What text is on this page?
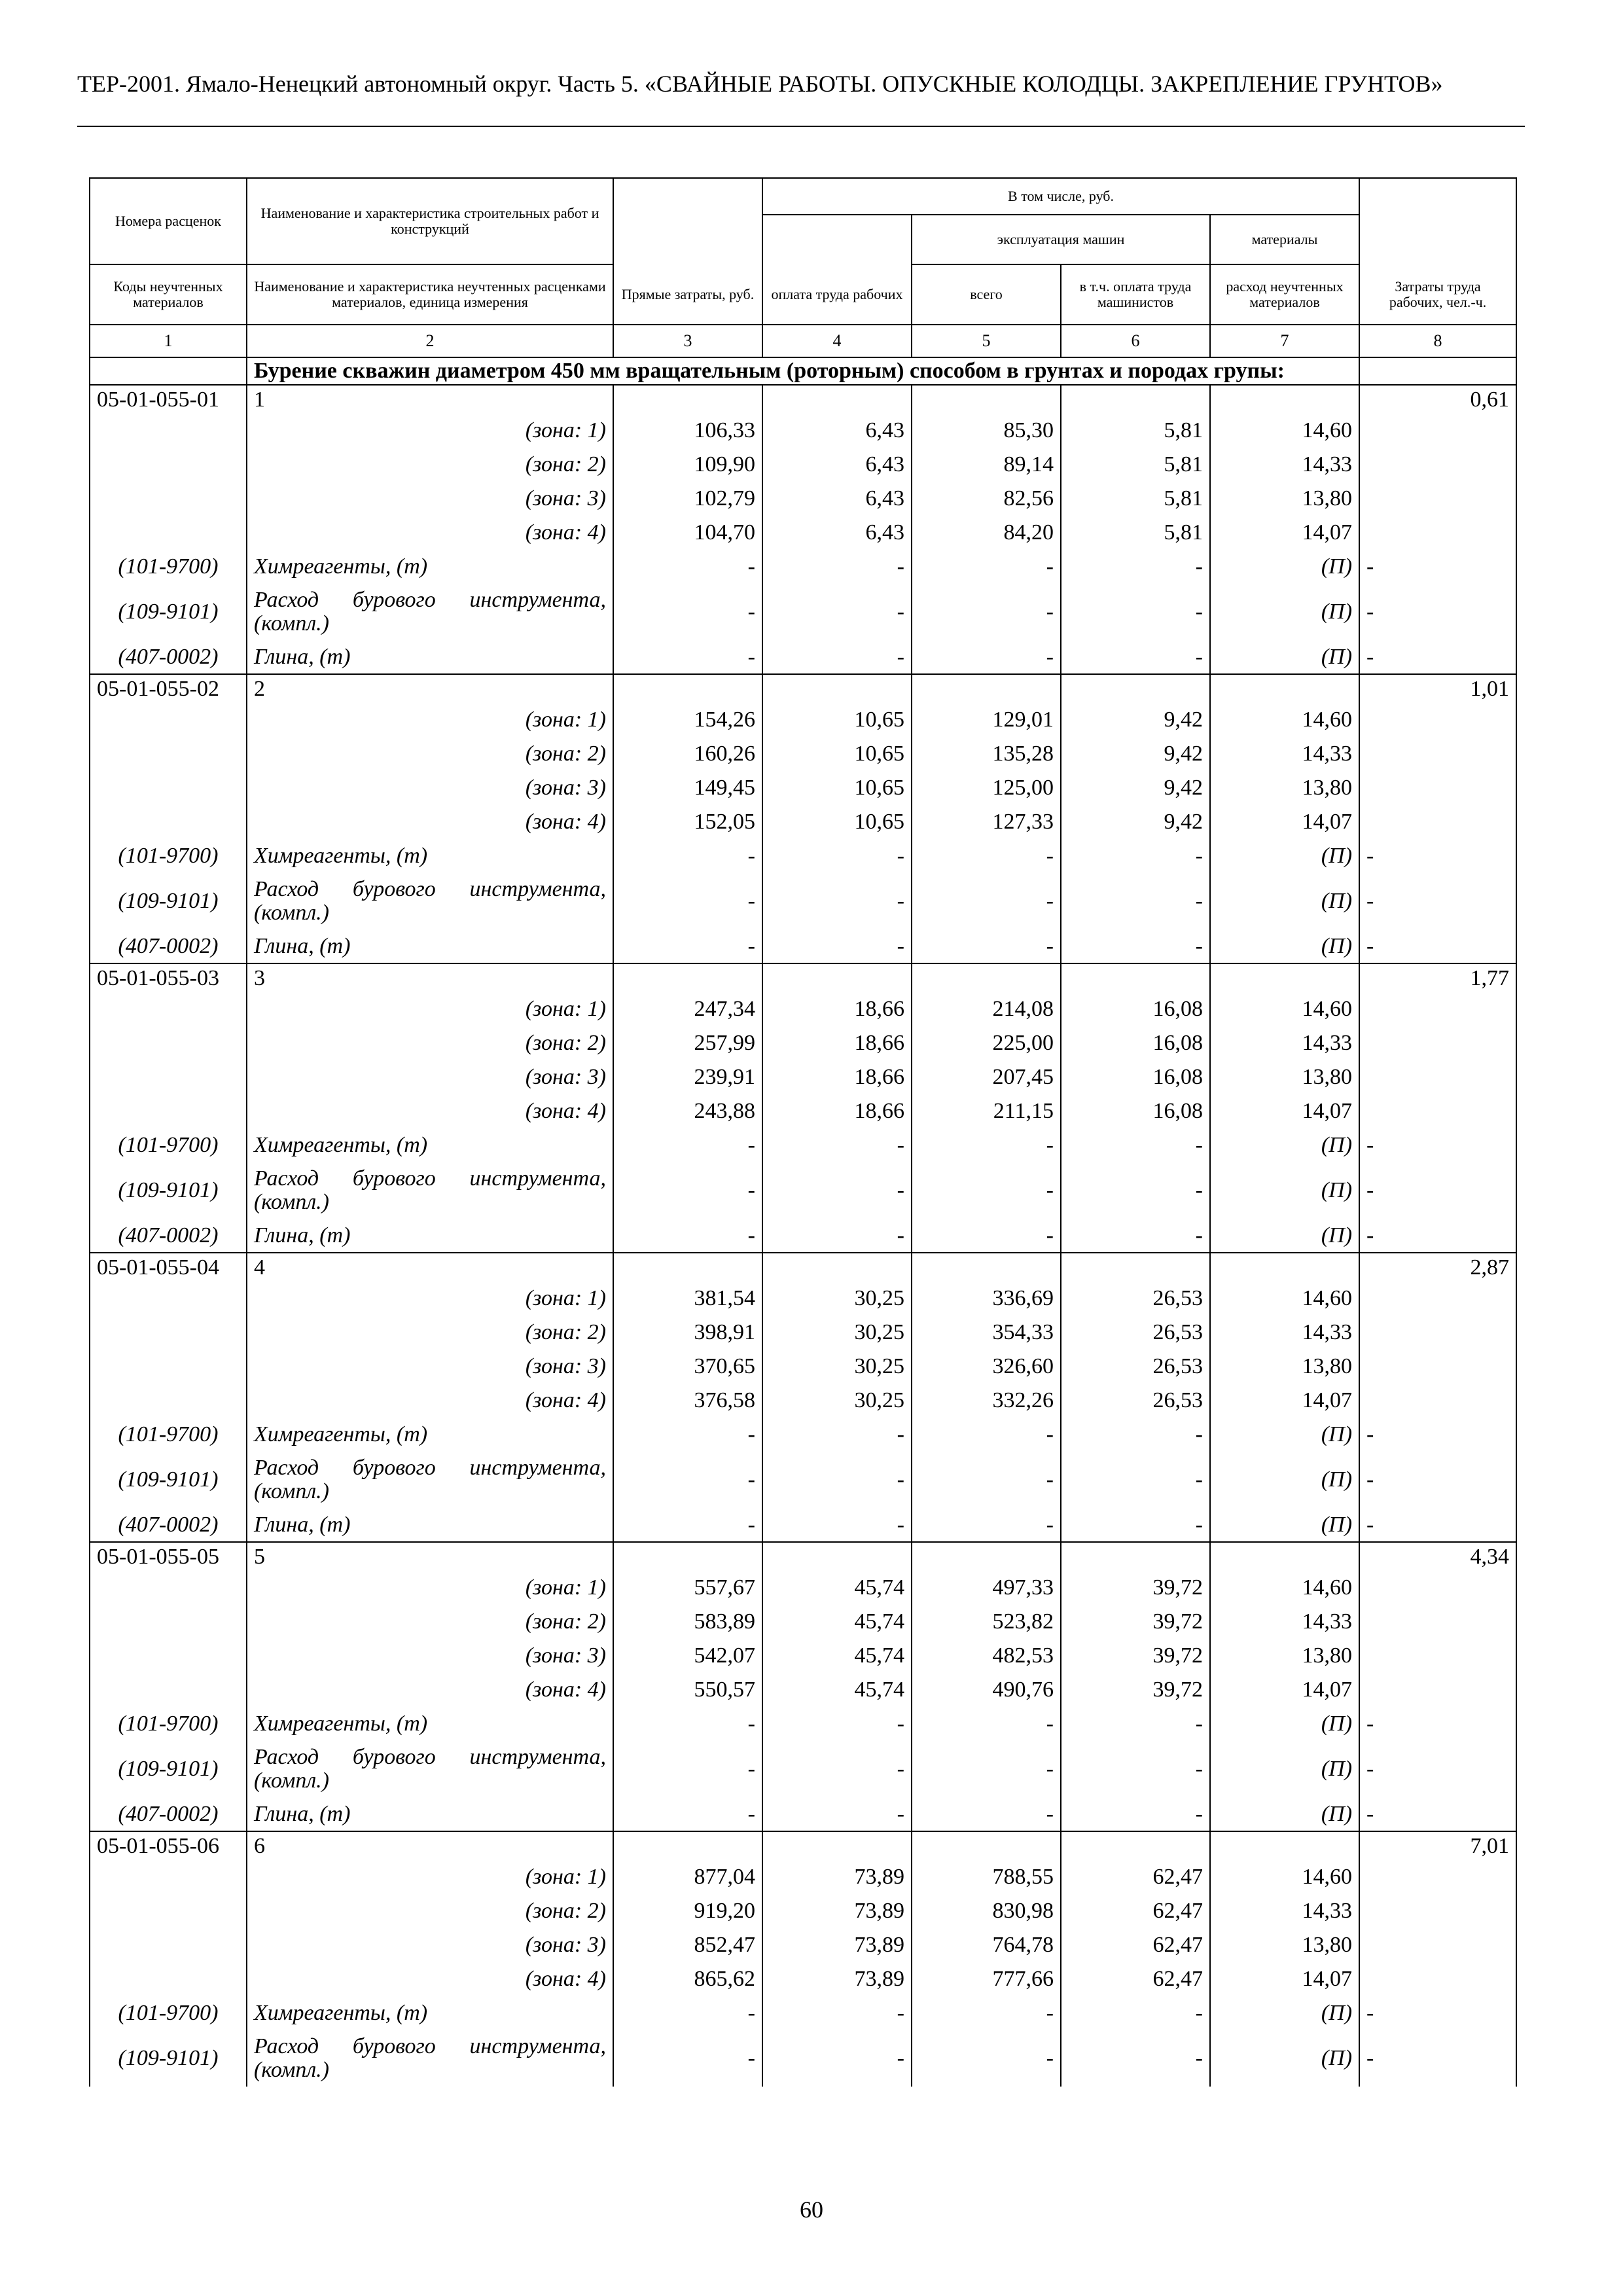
ТЕР-2001. Ямало-Ненецкий автономный округ. Часть 5. «СВАЙНЫЕ РАБОТЫ. ОПУСКНЫЕ КОЛОДЦЫ. ЗАКРЕПЛЕНИЕ ГРУНТОВ»
Номера расценок	Наименование и характеристика строительных работ и конструкций		В том числе, руб.				
				эксплуатация машин		материалы	
Коды неучтенных материалов	Наименование и характеристика неучтенных расценками материалов, единица измерения	Прямые затраты, руб.	оплата труда рабочих	всего	в т.ч. оплата труда машинистов	расход неучтенных материалов	Затраты труда рабочих, чел.-ч.
1	2	3	4	5	6	7	8
	Бурение скважин диаметром 450 мм вращательным (роторным) способом в грунтах и породах групы:						
05-01-055-01	1						0,61
	(зона: 1)	106,33	6,43	85,30	5,81	14,60	
	(зона: 2)	109,90	6,43	89,14	5,81	14,33	
	(зона: 3)	102,79	6,43	82,56	5,81	13,80	
	(зона: 4)	104,70	6,43	84,20	5,81	14,07	
(101-9700)	Химреагенты, (т)	-	-	-	-	(П)	-
(109-9101)	Расход бурового инструмента, (компл.)	-	-	-	-	(П)	-
(407-0002)	Глина, (т)	-	-	-	-	(П)	-
05-01-055-02	2						1,01
	(зона: 1)	154,26	10,65	129,01	9,42	14,60	
	(зона: 2)	160,26	10,65	135,28	9,42	14,33	
	(зона: 3)	149,45	10,65	125,00	9,42	13,80	
	(зона: 4)	152,05	10,65	127,33	9,42	14,07	
(101-9700)	Химреагенты, (т)	-	-	-	-	(П)	-
(109-9101)	Расход бурового инструмента, (компл.)	-	-	-	-	(П)	-
(407-0002)	Глина, (т)	-	-	-	-	(П)	-
05-01-055-03	3						1,77
	(зона: 1)	247,34	18,66	214,08	16,08	14,60	
	(зона: 2)	257,99	18,66	225,00	16,08	14,33	
	(зона: 3)	239,91	18,66	207,45	16,08	13,80	
	(зона: 4)	243,88	18,66	211,15	16,08	14,07	
(101-9700)	Химреагенты, (т)	-	-	-	-	(П)	-
(109-9101)	Расход бурового инструмента, (компл.)	-	-	-	-	(П)	-
(407-0002)	Глина, (т)	-	-	-	-	(П)	-
05-01-055-04	4						2,87
	(зона: 1)	381,54	30,25	336,69	26,53	14,60	
	(зона: 2)	398,91	30,25	354,33	26,53	14,33	
	(зона: 3)	370,65	30,25	326,60	26,53	13,80	
	(зона: 4)	376,58	30,25	332,26	26,53	14,07	
(101-9700)	Химреагенты, (т)	-	-	-	-	(П)	-
(109-9101)	Расход бурового инструмента, (компл.)	-	-	-	-	(П)	-
(407-0002)	Глина, (т)	-	-	-	-	(П)	-
05-01-055-05	5						4,34
	(зона: 1)	557,67	45,74	497,33	39,72	14,60	
	(зона: 2)	583,89	45,74	523,82	39,72	14,33	
	(зона: 3)	542,07	45,74	482,53	39,72	13,80	
	(зона: 4)	550,57	45,74	490,76	39,72	14,07	
(101-9700)	Химреагенты, (т)	-	-	-	-	(П)	-
(109-9101)	Расход бурового инструмента, (компл.)	-	-	-	-	(П)	-
(407-0002)	Глина, (т)	-	-	-	-	(П)	-
05-01-055-06	6						7,01
	(зона: 1)	877,04	73,89	788,55	62,47	14,60	
	(зона: 2)	919,20	73,89	830,98	62,47	14,33	
	(зона: 3)	852,47	73,89	764,78	62,47	13,80	
	(зона: 4)	865,62	73,89	777,66	62,47	14,07	
(101-9700)	Химреагенты, (т)	-	-	-	-	(П)	-
(109-9101)	Расход бурового инструмента, (компл.)	-	-	-	-	(П)	-
60
